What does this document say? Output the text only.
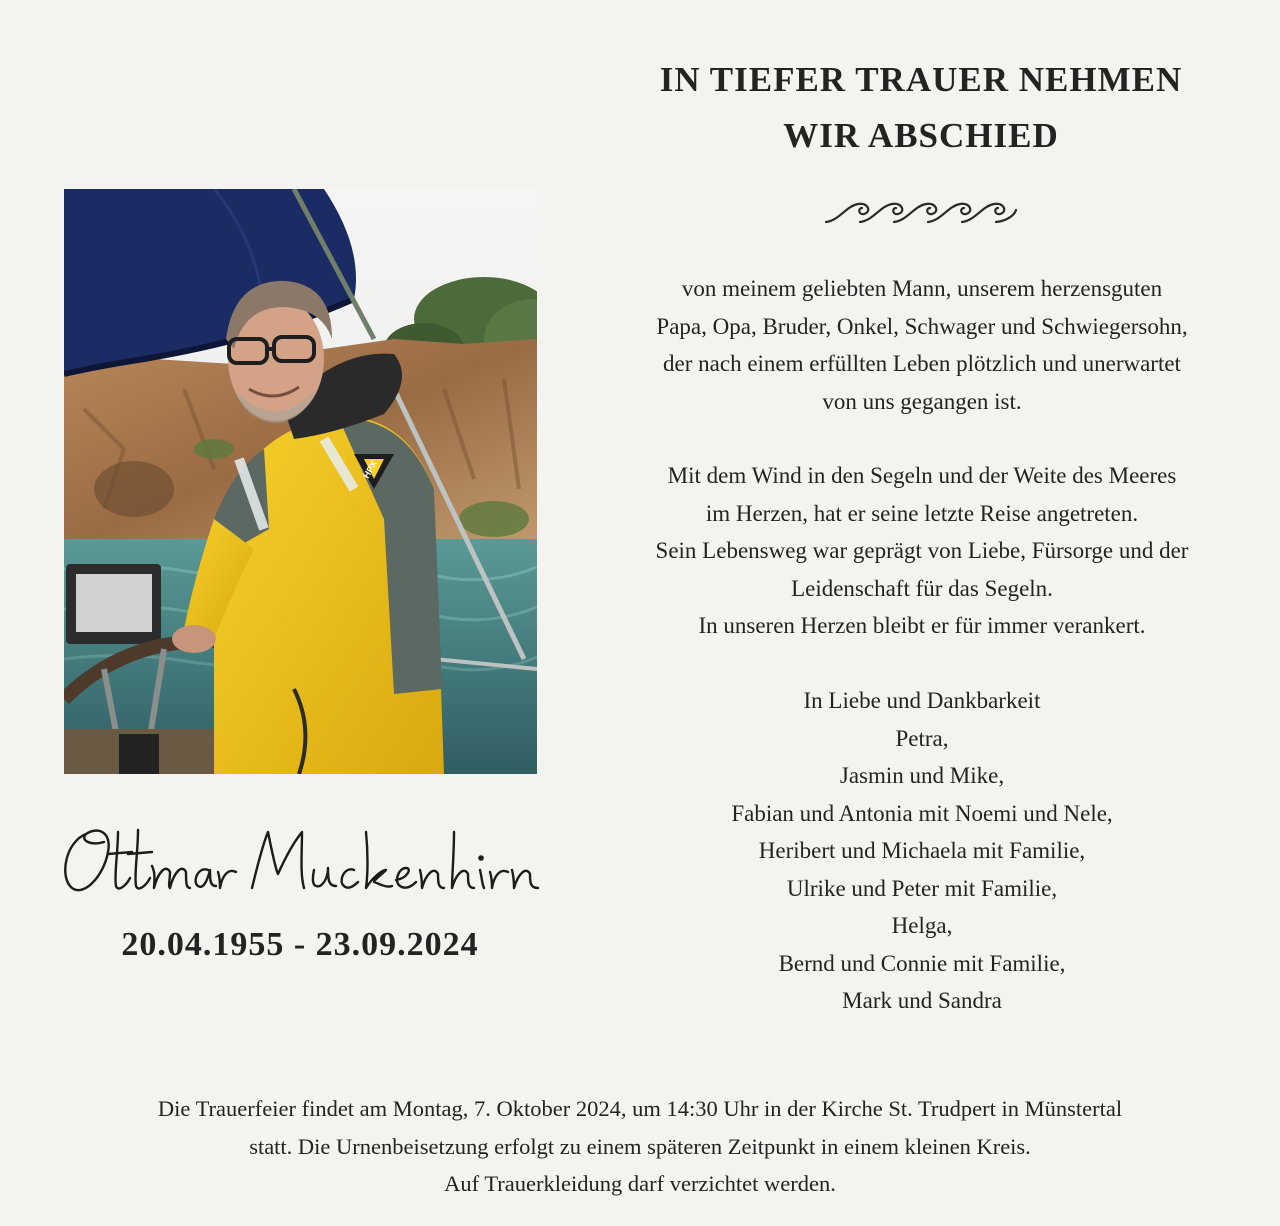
IN TIEFER TRAUER NEHMEN
WIR ABSCHIED
HPX
20.04.1955 - 23.09.2024
von meinem geliebten Mann, unserem herzensguten
Papa, Opa, Bruder, Onkel, Schwager und Schwiegersohn,
der nach einem erfüllten Leben plötzlich und unerwartet
von uns gegangen ist.
Mit dem Wind in den Segeln und der Weite des Meeres
im Herzen, hat er seine letzte Reise angetreten.
Sein Lebensweg war geprägt von Liebe, Fürsorge und der
Leidenschaft für das Segeln.
In unseren Herzen bleibt er für immer verankert.
In Liebe und Dankbarkeit
Petra,
Jasmin und Mike,
Fabian und Antonia mit Noemi und Nele,
Heribert und Michaela mit Familie,
Ulrike und Peter mit Familie,
Helga,
Bernd und Connie mit Familie,
Mark und Sandra
Die Trauerfeier findet am Montag, 7. Oktober 2024, um 14:30 Uhr in der Kirche St. Trudpert in Münstertal
statt. Die Urnenbeisetzung erfolgt zu einem späteren Zeitpunkt in einem kleinen Kreis.
Auf Trauerkleidung darf verzichtet werden.
